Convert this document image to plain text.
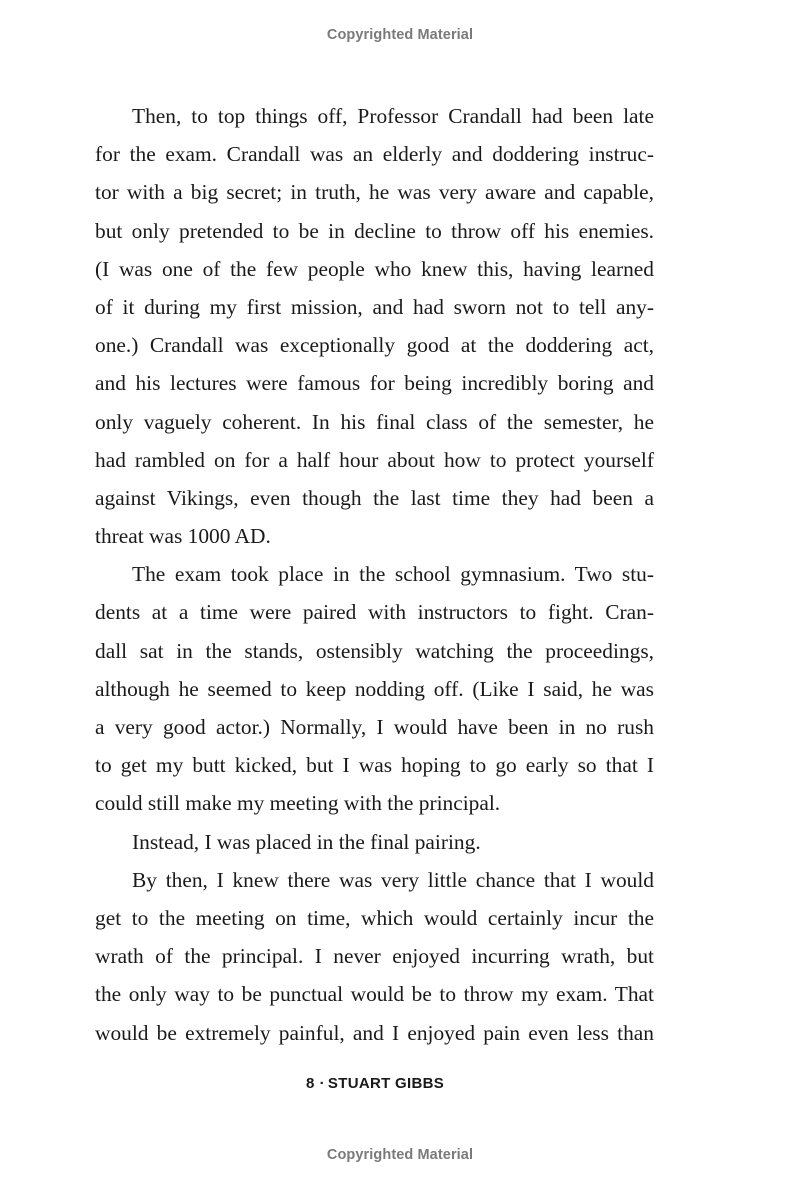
Copyrighted Material
Then, to top things off, Professor Crandall had been late
for the exam. Crandall was an elderly and doddering instruc-
tor with a big secret; in truth, he was very aware and capable,
but only pretended to be in decline to throw off his enemies.
(I was one of the few people who knew this, having learned
of it during my first mission, and had sworn not to tell any-
one.) Crandall was exceptionally good at the doddering act,
and his lectures were famous for being incredibly boring and
only vaguely coherent. In his final class of the semester, he
had rambled on for a half hour about how to protect yourself
against Vikings, even though the last time they had been a
threat was 1000 AD.
The exam took place in the school gymnasium. Two stu-
dents at a time were paired with instructors to fight. Cran-
dall sat in the stands, ostensibly watching the proceedings,
although he seemed to keep nodding off. (Like I said, he was
a very good actor.) Normally, I would have been in no rush
to get my butt kicked, but I was hoping to go early so that I
could still make my meeting with the principal.
Instead, I was placed in the final pairing.
By then, I knew there was very little chance that I would
get to the meeting on time, which would certainly incur the
wrath of the principal. I never enjoyed incurring wrath, but
the only way to be punctual would be to throw my exam. That
would be extremely painful, and I enjoyed pain even less than
8 · STUART GIBBS
Copyrighted Material
